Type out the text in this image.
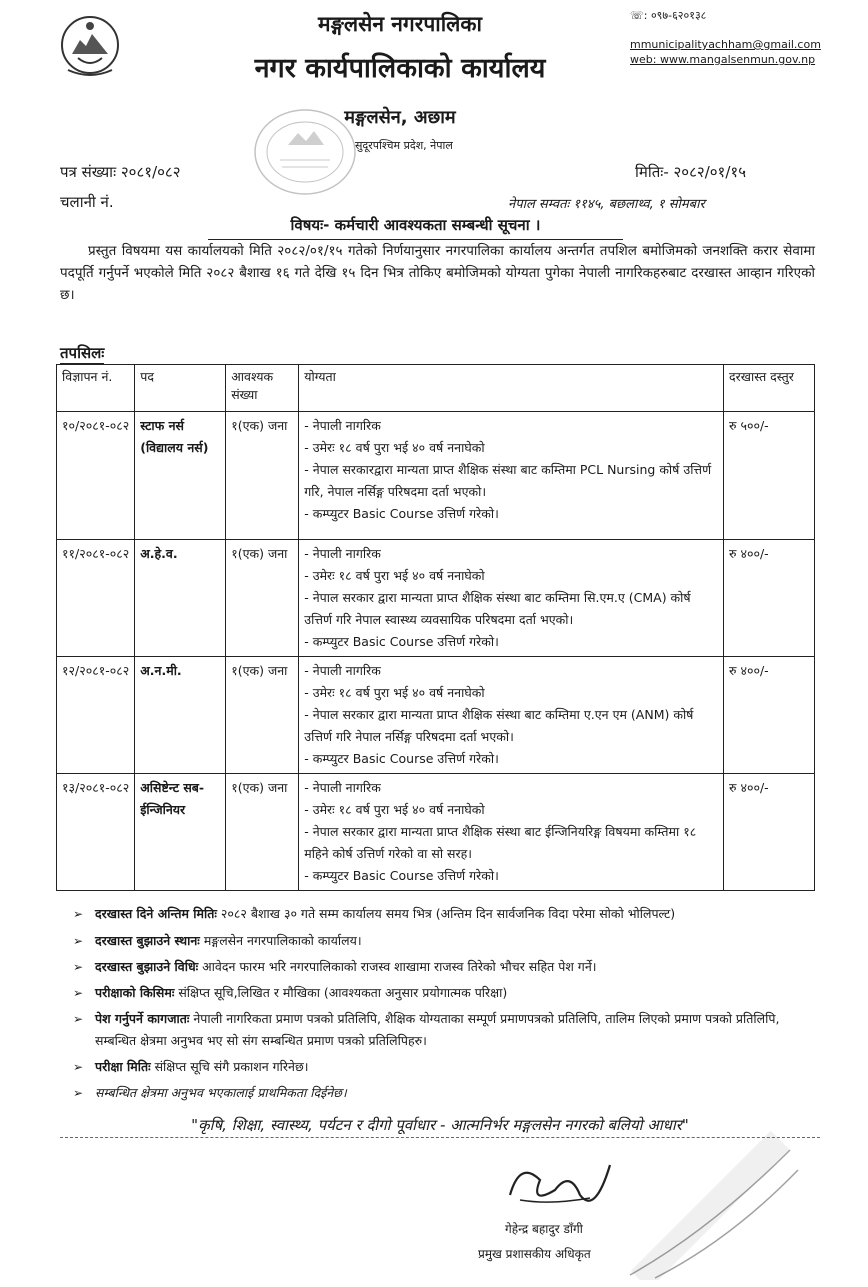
मङ्गलसेन नगरपालिका
नगर कार्यपालिकाको कार्यालय
मङ्गलसेन, अछाम
सुदूरपश्चिम प्रदेश, नेपाल
☏: ०९७-६२०१३८
mmunicipalityachham@gmail.com
web: www.mangalsenmun.gov.np
पत्र संख्याः २०८१/०८२
चलानी नं.
मितिः- २०८२/०१/१५
नेपाल सम्वतः ११४५, बछलाथ्व, १ सोमबार
विषयः- कर्मचारी आवश्यकता सम्बन्धी सूचना ।
प्रस्तुत विषयमा यस कार्यालयको मिति २०८२/०१/१५ गतेको निर्णयानुसार नगरपालिका कार्यालय अन्तर्गत तपशिल बमोजिमको जनशक्ति करार सेवामा पदपूर्ति गर्नुपर्ने भएकोले मिति २०८२ बैशाख १६ गते देखि १५ दिन भित्र तोकिए बमोजिमको योग्यता पुगेका नेपाली नागरिकहरुबाट दरखास्त आव्हान गरिएको छ।
तपसिलः
विज्ञापन नं.	पद	आवश्यक संख्या	योग्यता	दरखास्त दस्तुर
१०/२०८१-०८२	स्टाफ नर्स (विद्यालय नर्स)	१(एक) जना	- नेपाली नागरिक
- उमेरः १८ वर्ष पुरा भई ४० वर्ष ननाघेको
- नेपाल सरकारद्वारा मान्यता प्राप्त शैक्षिक संस्था बाट कम्तिमा PCL Nursing कोर्ष उत्तिर्ण गरि, नेपाल नर्सिङ्ग परिषदमा दर्ता भएको।
- कम्प्युटर Basic Course उत्तिर्ण गरेको।	रु ५००/-
११/२०८१-०८२	अ.हे.व.	१(एक) जना	- नेपाली नागरिक
- उमेरः १८ वर्ष पुरा भई ४० वर्ष ननाघेको
- नेपाल सरकार द्वारा मान्यता प्राप्त शैक्षिक संस्था बाट कम्तिमा सि.एम.ए (CMA) कोर्ष उत्तिर्ण गरि नेपाल स्वास्थ्य व्यवसायिक परिषदमा दर्ता भएको।
- कम्प्युटर Basic Course उत्तिर्ण गरेको।	रु ४००/-
१२/२०८१-०८२	अ.न.मी.	१(एक) जना	- नेपाली नागरिक
- उमेरः १८ वर्ष पुरा भई ४० वर्ष ननाघेको
- नेपाल सरकार द्वारा मान्यता प्राप्त शैक्षिक संस्था बाट कम्तिमा ए.एन एम (ANM) कोर्ष उत्तिर्ण गरि नेपाल नर्सिङ्ग परिषदमा दर्ता भएको।
- कम्प्युटर Basic Course उत्तिर्ण गरेको।	रु ४००/-
१३/२०८१-०८२	असिष्टेन्ट सब-ईन्जिनियर	१(एक) जना	- नेपाली नागरिक
- उमेरः १८ वर्ष पुरा भई ४० वर्ष ननाघेको
- नेपाल सरकार द्वारा मान्यता प्राप्त शैक्षिक संस्था बाट ईन्जिनियरिङ्ग विषयमा कम्तिमा १८ महिने कोर्ष उत्तिर्ण गरेको वा सो सरह।
- कम्प्युटर Basic Course उत्तिर्ण गरेको।	रु ४००/-
➢ दरखास्त दिने अन्तिम मितिः २०८२ बैशाख ३० गते सम्म कार्यालय समय भित्र (अन्तिम दिन सार्वजनिक विदा परेमा सोको भोलिपल्ट)
➢ दरखास्त बुझाउने स्थानः मङ्गलसेन नगरपालिकाको कार्यालय।
➢ दरखास्त बुझाउने विधिः आवेदन फारम भरि नगरपालिकाको राजस्व शाखामा राजस्व तिरेको भौचर सहित पेश गर्ने।
➢ परीक्षाको किसिमः संक्षिप्त सूचि,लिखित र मौखिका (आवश्यकता अनुसार प्रयोगात्मक परिक्षा)
➢ पेश गर्नुपर्ने कागजातः नेपाली नागरिकता प्रमाण पत्रको प्रतिलिपि, शैक्षिक योग्यताका सम्पूर्ण प्रमाणपत्रको प्रतिलिपि, तालिम लिएको प्रमाण पत्रको प्रतिलिपि, सम्बन्धित क्षेत्रमा अनुभव भए सो संग सम्बन्धित प्रमाण पत्रको प्रतिलिपिहरु।
➢ परीक्षा मितिः संक्षिप्त सूचि संगै प्रकाशन गरिनेछ।
➢ सम्बन्धित क्षेत्रमा अनुभव भएकालाई प्राथमिकता दिईनेछ।
"कृषि, शिक्षा, स्वास्थ्य, पर्यटन र दीगो पूर्वाधार - आत्मनिर्भर मङ्गलसेन नगरको बलियो आधार"
गेहेन्द्र बहादुर डाँगी
प्रमुख प्रशासकीय अधिकृत
